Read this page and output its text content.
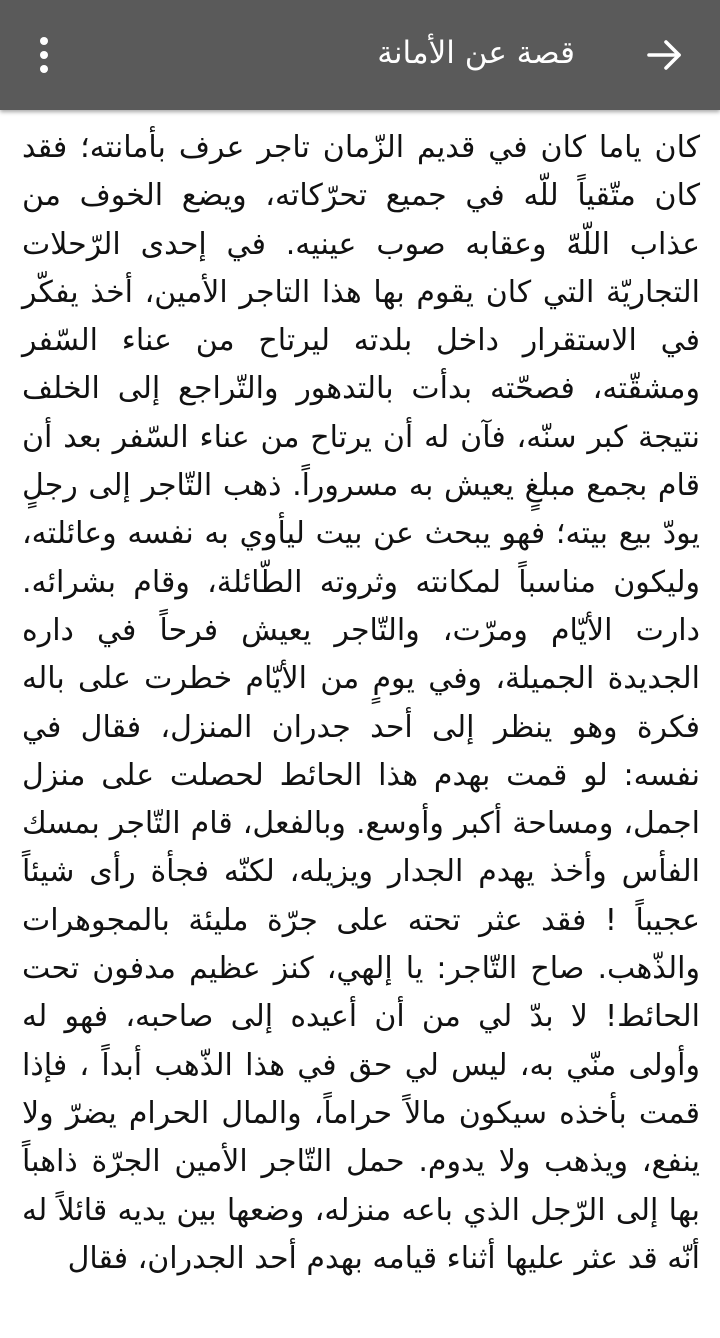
قصة عن الأمانة

كان ياما كان في قديم الزّمان تاجر عرف بأمانته؛ فقد كان متّقياً للّه في جميع تحرّكاته، ويضع الخوف من عذاب اللّهّ وعقابه صوب عينيه. في إحدى الرّحلات التجاريّة التي كان يقوم بها هذا التاجر الأمين، أخذ يفكّر في الاستقرار داخل بلدته ليرتاح من عناء السّفر ومشقّته، فصحّته بدأت بالتدهور والتّراجع إلى الخلف نتيجة كبر سنّه، فآن له أن يرتاح من عناء السّفر بعد أن قام بجمع مبلغٍ يعيش به مسروراً. ذهب التّاجر إلى رجلٍ يودّ بيع بيته؛ فهو يبحث عن بيت ليأوي به نفسه وعائلته، وليكون مناسباً لمكانته وثروته الطّائلة، وقام بشرائه. دارت الأيّام ومرّت، والتّاجر يعيش فرحاً في داره الجديدة الجميلة، وفي يومٍ من الأيّام خطرت على باله فكرة وهو ينظر إلى أحد جدران المنزل، فقال في نفسه: لو قمت بهدم هذا الحائط لحصلت على منزل اجمل، ومساحة أكبر وأوسع. وبالفعل، قام التّاجر بمسك الفأس وأخذ يهدم الجدار ويزيله، لكنّه فجأة رأى شيئاً عجيباً ! فقد عثر تحته على جرّة مليئة بالمجوهرات والذّهب. صاح التّاجر: يا إلهي، كنز عظيم مدفون تحت الحائط! لا بدّ لي من أن أعيده إلى صاحبه، فهو له وأولى منّي به، ليس لي حق في هذا الذّهب أبداً ، فإذا قمت بأخذه سيكون مالاً حراماً، والمال الحرام يضرّ ولا ينفع، ويذهب ولا يدوم. حمل التّاجر الأمين الجرّة ذاهباً بها إلى الرّجل الذي باعه منزله، وضعها بين يديه قائلاً له أنّه قد عثر عليها أثناء قيامه بهدم أحد الجدران، فقال
